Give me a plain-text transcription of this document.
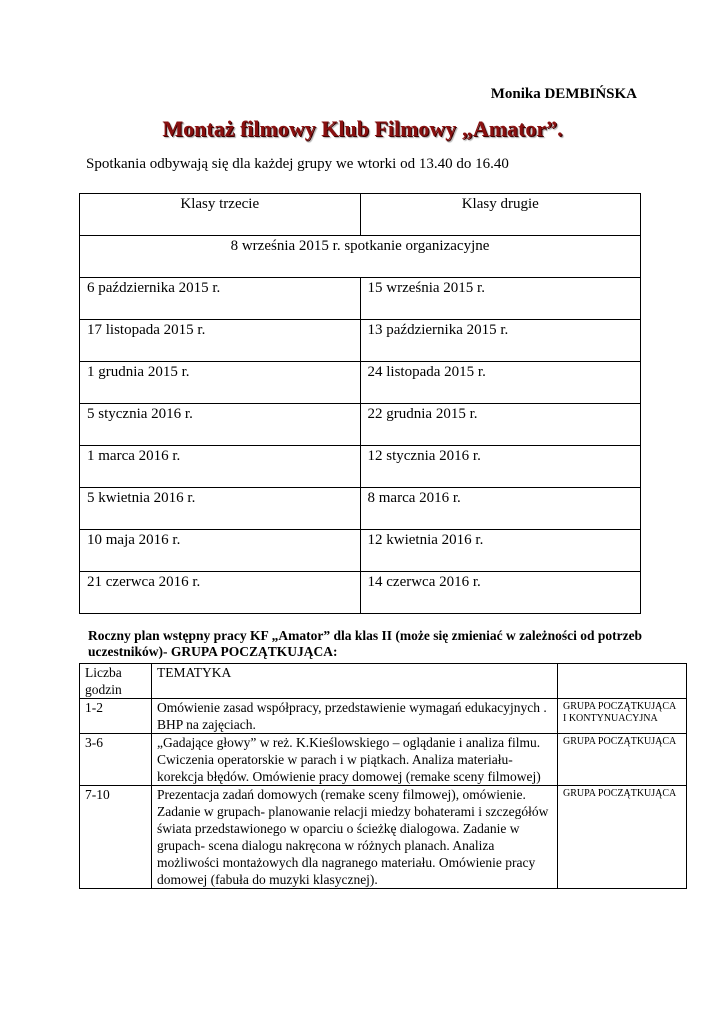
Monika DEMBIŃSKA
Montaż filmowy Klub Filmowy „Amator”.
Spotkania odbywają się dla każdej grupy we wtorki od 13.40 do 16.40
Klasy trzecie	Klasy drugie
8 września 2015 r. spotkanie organizacyjne	
6 października 2015 r.	15 września 2015 r.
17 listopada 2015 r.	13 października 2015 r.
1 grudnia 2015 r.	24 listopada 2015 r.
5 stycznia 2016 r.	22 grudnia 2015 r.
1 marca 2016 r.	12 stycznia 2016 r.
5 kwietnia 2016 r.	8 marca 2016 r.
10 maja 2016 r.	12 kwietnia 2016 r.
21 czerwca 2016 r.	14 czerwca 2016 r.
Roczny plan wstępny pracy KF „Amator” dla klas II (może się zmieniać w zależności od potrzeb uczestników)- GRUPA POCZĄTKUJĄCA:
Liczba godzin	TEMATYKA	
1-2	Omówienie zasad współpracy, przedstawienie wymagań edukacyjnych . BHP na zajęciach.	GRUPA POCZĄTKUJĄCA I KONTYNUACYJNA
3-6	„Gadające głowy” w reż. K.Kieślowskiego – oglądanie i analiza filmu. Cwiczenia operatorskie w parach i w piątkach. Analiza materiału- korekcja błędów. Omówienie pracy domowej (remake sceny filmowej)	GRUPA POCZĄTKUJĄCA
7-10	Prezentacja zadań domowych (remake sceny filmowej), omówienie. Zadanie w grupach- planowanie relacji miedzy bohaterami i szczegółów świata przedstawionego w oparciu o ścieżkę dialogowa. Zadanie w grupach- scena dialogu nakręcona w różnych planach. Analiza możliwości montażowych dla nagranego materiału. Omówienie pracy domowej (fabuła do muzyki klasycznej).	GRUPA POCZĄTKUJĄCA
